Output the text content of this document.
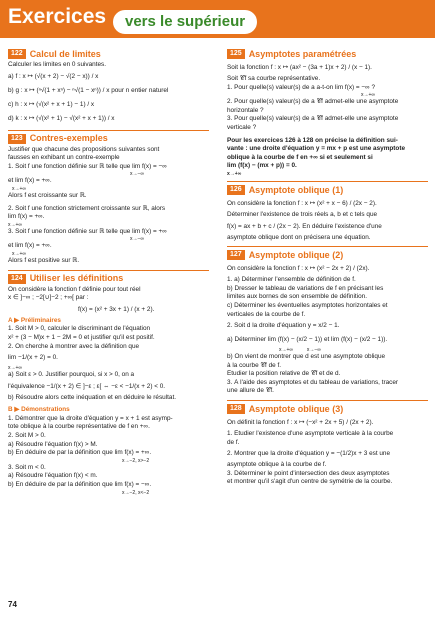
Exercices	vers le supérieur
122 Calcul de limites
Calculer les limites en 0 suivantes.
a) f : x ↦ (√(x + 2) − √(2 − x)) / x
b) g : x ↦ (ⁿ√(1 + xⁿ) − ⁿ√(1 − xⁿ)) / x pour n entier naturel
c) h : x ↦ (√(x² + x + 1) − 1) / x
d) k : x ↦ (√(x² + 1) − √(x² + x + 1)) / x
123 Contres-exemples
Justifier que chacune des propositions suivantes sont
fausses en exhibant un contre-exemple
1. Soit f une fonction définie sur ℝ telle que lim f(x) = −∞
x→−∞
et lim f(x) = +∞.
x→+∞
Alors f est croissante sur ℝ.
2. Soit f une fonction strictement croissante sur ℝ, alors
lim f(x) = +∞.
x→+∞
3. Soit f une fonction définie sur ℝ telle que lim f(x) = +∞
x→−∞
et lim f(x) = +∞.
x→+∞
Alors f est positive sur ℝ.
124 Utiliser les définitions
On considère la fonction f définie pour tout réel
x ∈ ]−∞ ; −2[∪]−2 ; +∞[ par :
f(x) = (x² + 3x + 1) / (x + 2).
A ▶ Préliminaires
1. Soit M > 0, calculer le discriminant de l'équation
x² + (3 − M)x + 1 − 2M = 0 et justifier qu'il est positif.
2. On cherche à montrer avec la définition que
lim −1/(x + 2) = 0.
x→+∞
a) Soit ε > 0. Justifier pourquoi, si x > 0, on a
l'équivalence −1/(x + 2) ∈ ]−ε ; ε[ ⇔ −ε < −1/(x + 2) < 0.
b) Résoudre alors cette inéquation et en déduire le résultat.
B ▶ Démonstrations
1. Démontrer que la droite d'équation y = x + 1 est asymp-
tote oblique à la courbe représentative de f en +∞.
2. Soit M > 0.
a) Résoudre l'équation f(x) > M.
b) En déduire de par la définition que lim f(x) = +∞.
x→−2, x>−2
3. Soit m < 0.
a) Résoudre l'équation f(x) < m.
b) En déduire de par la définition que lim f(x) = −∞.
x→−2, x<−2
125 Asymptotes paramétrées
Soit la fonction f : x ↦ (ax² − (3a + 1)x + 2) / (x − 1).
Soit 𝒞f sa courbe représentative.
1. Pour quelle(s) valeur(s) de a a-t-on lim f(x) = −∞ ?
x→+∞
2. Pour quelle(s) valeur(s) de a 𝒞f admet-elle une asymptote
horizontale ?
3. Pour quelle(s) valeur(s) de a 𝒞f admet-elle une asymptote
verticale ?
Pour les exercices 126 à 128 on précise la définition sui-
vante : une droite d'équation y = mx + p est une asymptote
oblique à la courbe de f en +∞ si et seulement si
lim (f(x) − (mx + p)) = 0.
x→+∞
126 Asymptote oblique (1)
On considère la fonction f : x ↦ (x² + x − 6) / (2x − 2).
Déterminer l'existence de trois réels a, b et c tels que
f(x) = ax + b + c / (2x − 2). En déduire l'existence d'une
asymptote oblique dont on précisera une équation.
127 Asymptote oblique (2)
On considère la fonction f : x ↦ (x² − 2x + 2) / (2x).
1. a) Déterminer l'ensemble de définition de f.
b) Dresser le tableau de variations de f en précisant les
limites aux bornes de son ensemble de définition.
c) Déterminer les éventuelles asymptotes horizontales et
verticales de la courbe de f.
2. Soit d la droite d'équation y = x/2 − 1.
a) Déterminer lim (f(x) − (x/2 − 1)) et lim (f(x) − (x/2 − 1)).
x→+∞          x→−∞
b) On vient de montrer que d est une asymptote oblique
à la courbe 𝒞f de f.
Étudier la position relative de 𝒞f et de d.
3. À l'aide des asymptotes et du tableau de variations, tracer
une allure de 𝒞f.
128 Asymptote oblique (3)
On définit la fonction f : x ↦ (−x² + 2x + 5) / (2x + 2).
1. Étudier l'existence d'une asymptote verticale à la courbe
de f.
2. Montrer que la droite d'équation y = −(1/2)x + 3 est une
asymptote oblique à la courbe de f.
3. Déterminer le point d'intersection des deux asymptotes
et montrer qu'il s'agit d'un centre de symétrie de la courbe.
74
